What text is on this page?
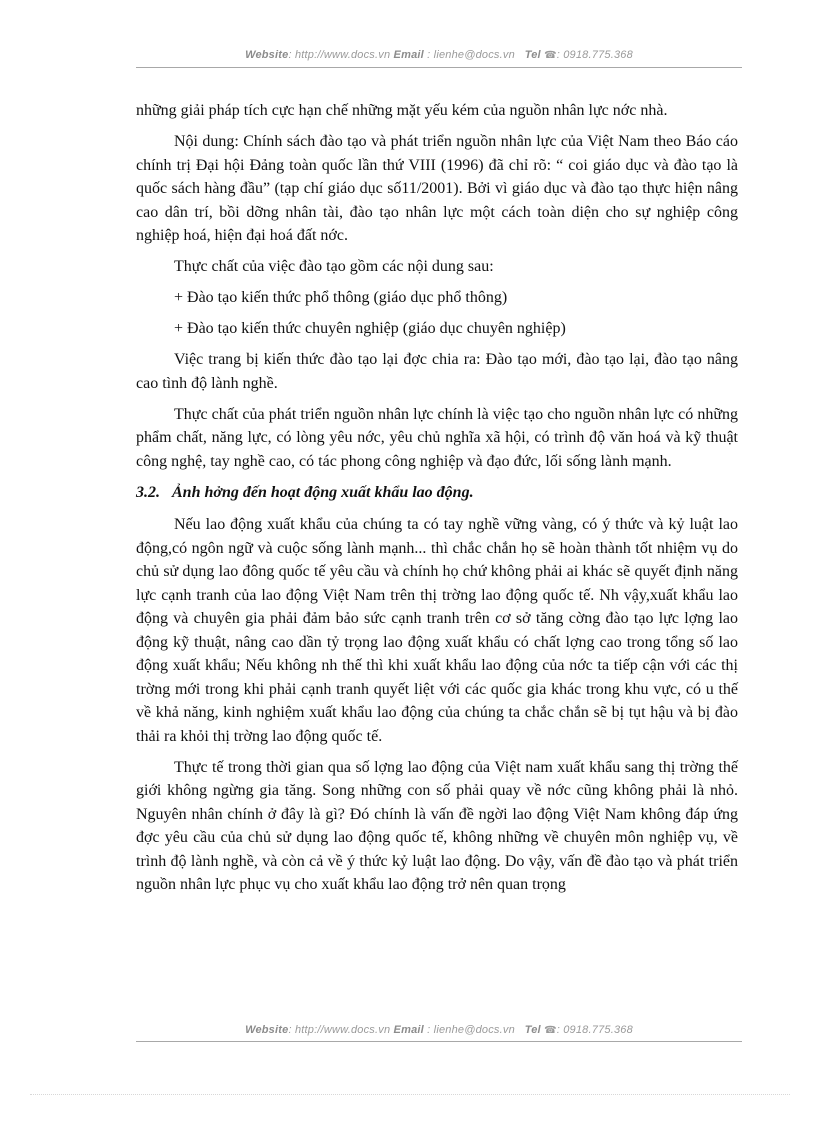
Website: http://www.docs.vn Email : lienhe@docs.vn Tel ☎: 0918.775.368

những giải pháp tích cực hạn chế những mặt yếu kém của nguồn nhân lực nớc nhà.

Nội dung: Chính sách đào tạo và phát triển nguồn nhân lực của Việt Nam theo Báo cáo chính trị Đại hội Đảng toàn quốc lần thứ VIII (1996) đã chỉ rõ: “ coi giáo dục và đào tạo là quốc sách hàng đầu” (tạp chí giáo dục số11/2001). Bởi vì giáo dục và đào tạo thực hiện nâng cao dân trí, bồi dỡng nhân tài, đào tạo nhân lực một cách toàn diện cho sự nghiệp công nghiệp hoá, hiện đại hoá đất nớc.

Thực chất của việc đào tạo gồm các nội dung sau:

+ Đào tạo kiến thức phổ thông (giáo dục phổ thông)

+ Đào tạo kiến thức chuyên nghiệp (giáo dục chuyên nghiệp)

Việc trang bị kiến thức đào tạo lại đợc chia ra: Đào tạo mới, đào tạo lại, đào tạo nâng cao tình độ lành nghề.

Thực chất của phát triển nguồn nhân lực chính là việc tạo cho nguồn nhân lực có những phẩm chất, năng lực, có lòng yêu nớc, yêu chủ nghĩa xã hội, có trình độ văn hoá và kỹ thuật công nghệ, tay nghề cao, có tác phong công nghiệp và đạo đức, lối sống lành mạnh.

3.2. Ảnh hởng đến hoạt động xuất khẩu lao động.

Nếu lao động xuất khẩu của chúng ta có tay nghề vững vàng, có ý thức và kỷ luật lao động,có ngôn ngữ và cuộc sống lành mạnh... thì chắc chắn họ sẽ hoàn thành tốt nhiệm vụ do chủ sử dụng lao đông quốc tế yêu cầu và chính họ chứ không phải ai khác sẽ quyết định năng lực cạnh tranh của lao động Việt Nam trên thị trờng lao động quốc tế. Nh vậy,xuất khẩu lao động và chuyên gia phải đảm bảo sức cạnh tranh trên cơ sở tăng cờng đào tạo lực lợng lao động kỹ thuật, nâng cao dần tỷ trọng lao động xuất khẩu có chất lợng cao trong tổng số lao động xuất khẩu; Nếu không nh thế thì khi xuất khẩu lao động của nớc ta tiếp cận với các thị trờng mới trong khi phải cạnh tranh quyết liệt với các quốc gia khác trong khu vực, có u thế về khả năng, kinh nghiệm xuất khẩu lao động của chúng ta chắc chắn sẽ bị tụt hậu và bị đào thải ra khỏi thị trờng lao động quốc tế.

Thực tế trong thời gian qua số lợng lao động của Việt nam xuất khẩu sang thị trờng thế giới không ngừng gia tăng. Song những con số phải quay về nớc cũng không phải là nhỏ. Nguyên nhân chính ở đây là gì? Đó chính là vấn đề ngời lao động Việt Nam không đáp ứng đợc yêu cầu của chủ sử dụng lao động quốc tế, không những về chuyên môn nghiệp vụ, về trình độ lành nghề, và còn cả về ý thức kỷ luật lao động. Do vậy, vấn đề đào tạo và phát triển nguồn nhân lực phục vụ cho xuất khẩu lao động trở nên quan trọng

Website: http://www.docs.vn Email : lienhe@docs.vn Tel ☎: 0918.775.368
